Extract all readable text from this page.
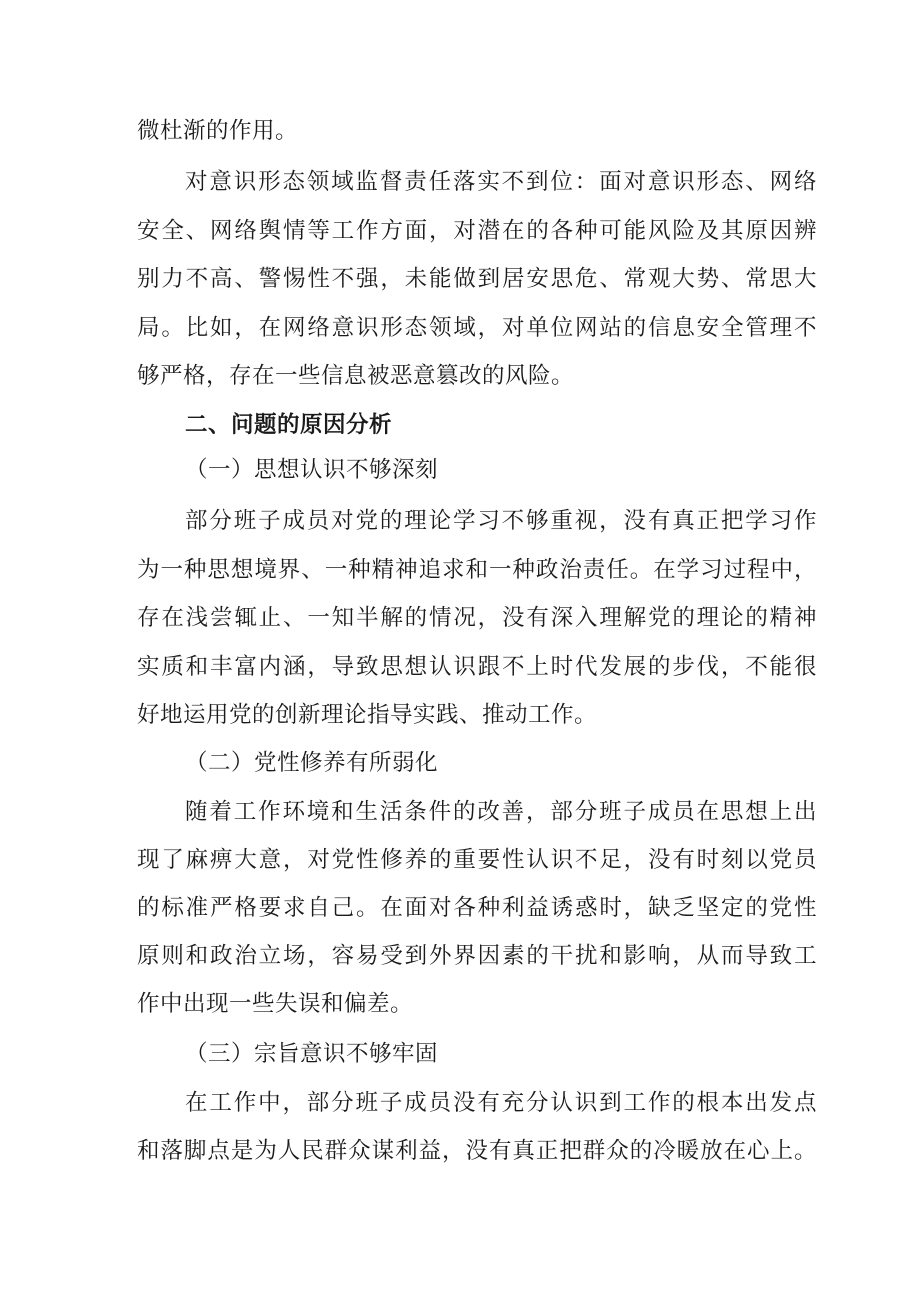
微杜渐的作用。
对意识形态领域监督责任落实不到位：面对意识形态、网络
安全、网络舆情等工作方面，对潜在的各种可能风险及其原因辨
别力不高、警惕性不强，未能做到居安思危、常观大势、常思大
局。比如，在网络意识形态领域，对单位网站的信息安全管理不
够严格，存在一些信息被恶意篡改的风险。
二、问题的原因分析
（一）思想认识不够深刻
部分班子成员对党的理论学习不够重视，没有真正把学习作
为一种思想境界、一种精神追求和一种政治责任。在学习过程中，
存在浅尝辄止、一知半解的情况，没有深入理解党的理论的精神
实质和丰富内涵，导致思想认识跟不上时代发展的步伐，不能很
好地运用党的创新理论指导实践、推动工作。
（二）党性修养有所弱化
随着工作环境和生活条件的改善，部分班子成员在思想上出
现了麻痹大意，对党性修养的重要性认识不足，没有时刻以党员
的标准严格要求自己。在面对各种利益诱惑时，缺乏坚定的党性
原则和政治立场，容易受到外界因素的干扰和影响，从而导致工
作中出现一些失误和偏差。
（三）宗旨意识不够牢固
在工作中，部分班子成员没有充分认识到工作的根本出发点
和落脚点是为人民群众谋利益，没有真正把群众的冷暖放在心上。
